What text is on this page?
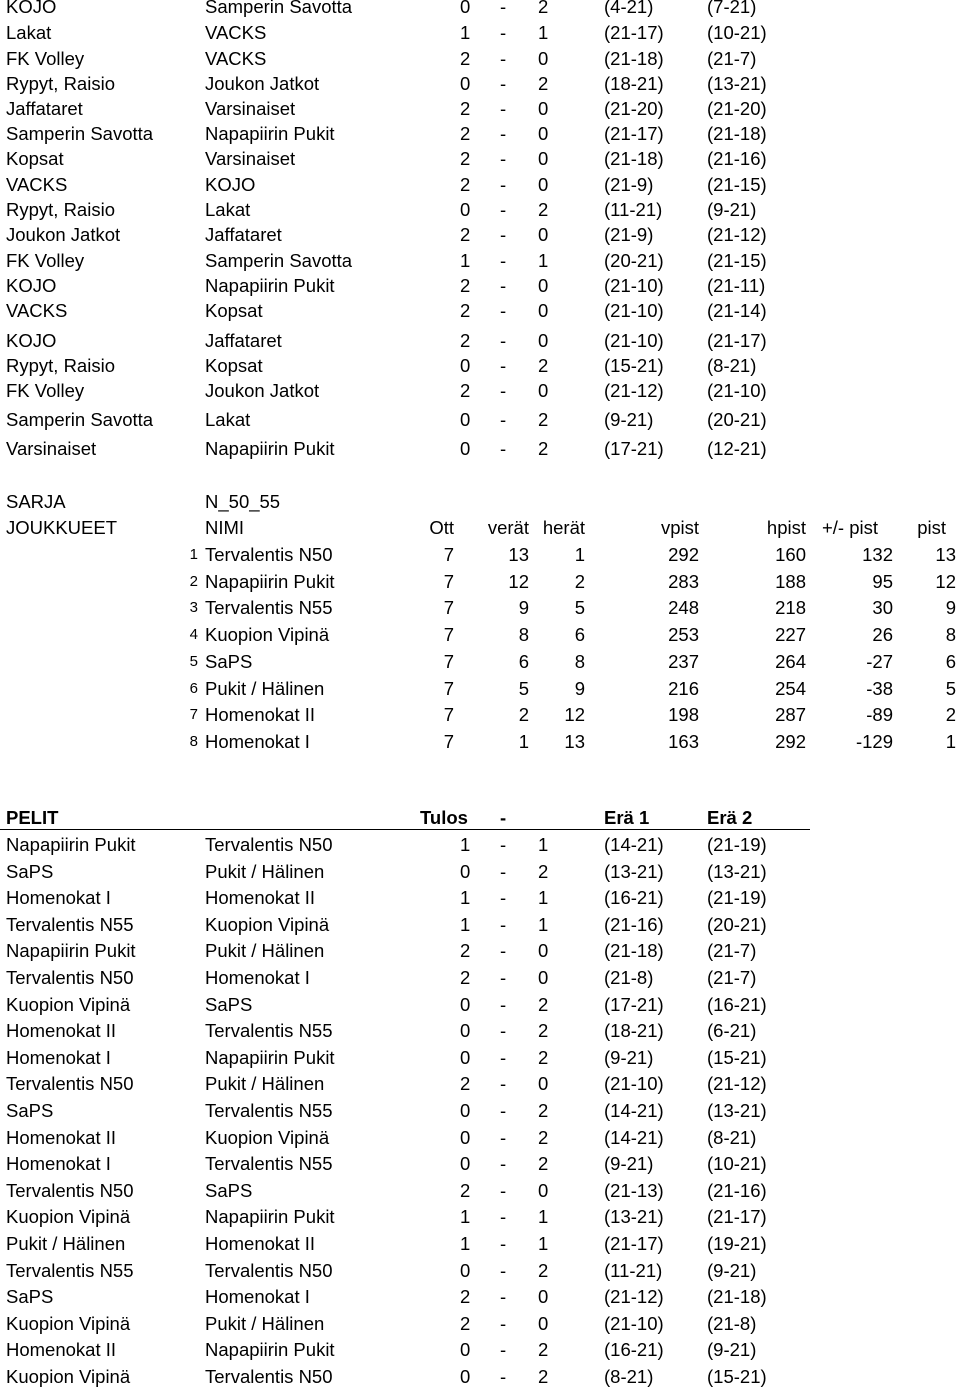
KOJO	Samperin Savotta	0 - 2	(4-21)	(7-21)
Lakat	VACKS	1 - 1	(21-17) (10-21)
FK Volley	VACKS	2 - 0	(21-18) (21-7)
Rypyt, Raisio	Joukon Jatkot	0 - 2	(18-21) (13-21)
Jaffataret	Varsinaiset	2 - 0	(21-20) (21-20)
Samperin Savotta	Napapiirin Pukit	2 - 0	(21-17) (21-18)
Kopsat	Varsinaiset	2 - 0	(21-18) (21-16)
VACKS	KOJO	2 - 0	(21-9)	(21-15)
Rypyt, Raisio	Lakat	0 - 2	(11-21) (9-21)
Joukon Jatkot	Jaffataret	2 - 0	(21-9)	(21-12)
FK Volley	Samperin Savotta	1 - 1	(20-21) (21-15)
KOJO	Napapiirin Pukit	2 - 0	(21-10) (21-11)
VACKS	Kopsat	2 - 0	(21-10) (21-14)
KOJO	Jaffataret	2 - 0	(21-10) (21-17)
Rypyt, Raisio	Kopsat	0 - 2	(15-21) (8-21)
FK Volley	Joukon Jatkot	2 - 0	(21-12) (21-10)
Samperin Savotta	Lakat	0 - 2	(9-21)	(20-21)
Varsinaiset	Napapiirin Pukit	0 - 2	(17-21) (12-21)
SARJA	N_50_55
JOUKKUEET	NIMI	Ott verät herät	vpist	hpist +/- pist pist
1 Tervalentis N50	7	13 1	292	160	132 13
2 Napapiirin Pukit	7	12 2	283	188	95 12
3 Tervalentis N55	7	9 5	248	218	30	9
4 Kuopion Vipinä	7	8 6	253	227	26	8
5 SaPS	7	6 8	237	264	-27	6
6 Pukit / Hälinen	7	5 9	216	254	-38	5
7 Homenokat II	7	2 12	198	287	-89	2
8 Homenokat I	7	1 13	163	292	-129	1
PELIT	Tulos -	Erä 1	Erä 2
Napapiirin Pukit	Tervalentis N50	1 - 1	(14-21) (21-19)
SaPS	Pukit / Hälinen	0 - 2	(13-21) (13-21)
Homenokat I	Homenokat II	1 - 1	(16-21) (21-19)
Tervalentis N55	Kuopion Vipinä	1 - 1	(21-16) (20-21)
Napapiirin Pukit	Pukit / Hälinen	2 - 0	(21-18) (21-7)
Tervalentis N50	Homenokat I	2 - 0	(21-8)	(21-7)
Kuopion Vipinä	SaPS	0 - 2	(17-21) (16-21)
Homenokat II	Tervalentis N55	0 - 2	(18-21) (6-21)
Homenokat I	Napapiirin Pukit	0 - 2	(9-21)	(15-21)
Tervalentis N50	Pukit / Hälinen	2 - 0	(21-10) (21-12)
SaPS	Tervalentis N55	0 - 2	(14-21) (13-21)
Homenokat II	Kuopion Vipinä	0 - 2	(14-21) (8-21)
Homenokat I	Tervalentis N55	0 - 2	(9-21)	(10-21)
Tervalentis N50	SaPS	2 - 0	(21-13) (21-16)
Kuopion Vipinä	Napapiirin Pukit	1 - 1	(13-21) (21-17)
Pukit / Hälinen	Homenokat II	1 - 1	(21-17) (19-21)
Tervalentis N55	Tervalentis N50	0 - 2	(11-21) (9-21)
SaPS	Homenokat I	2 - 0	(21-12) (21-18)
Kuopion Vipinä	Pukit / Hälinen	2 - 0	(21-10) (21-8)
Homenokat II	Napapiirin Pukit	0 - 2	(16-21) (9-21)
Kuopion Vipinä	Tervalentis N50	0 - 2	(8-21)	(15-21)
